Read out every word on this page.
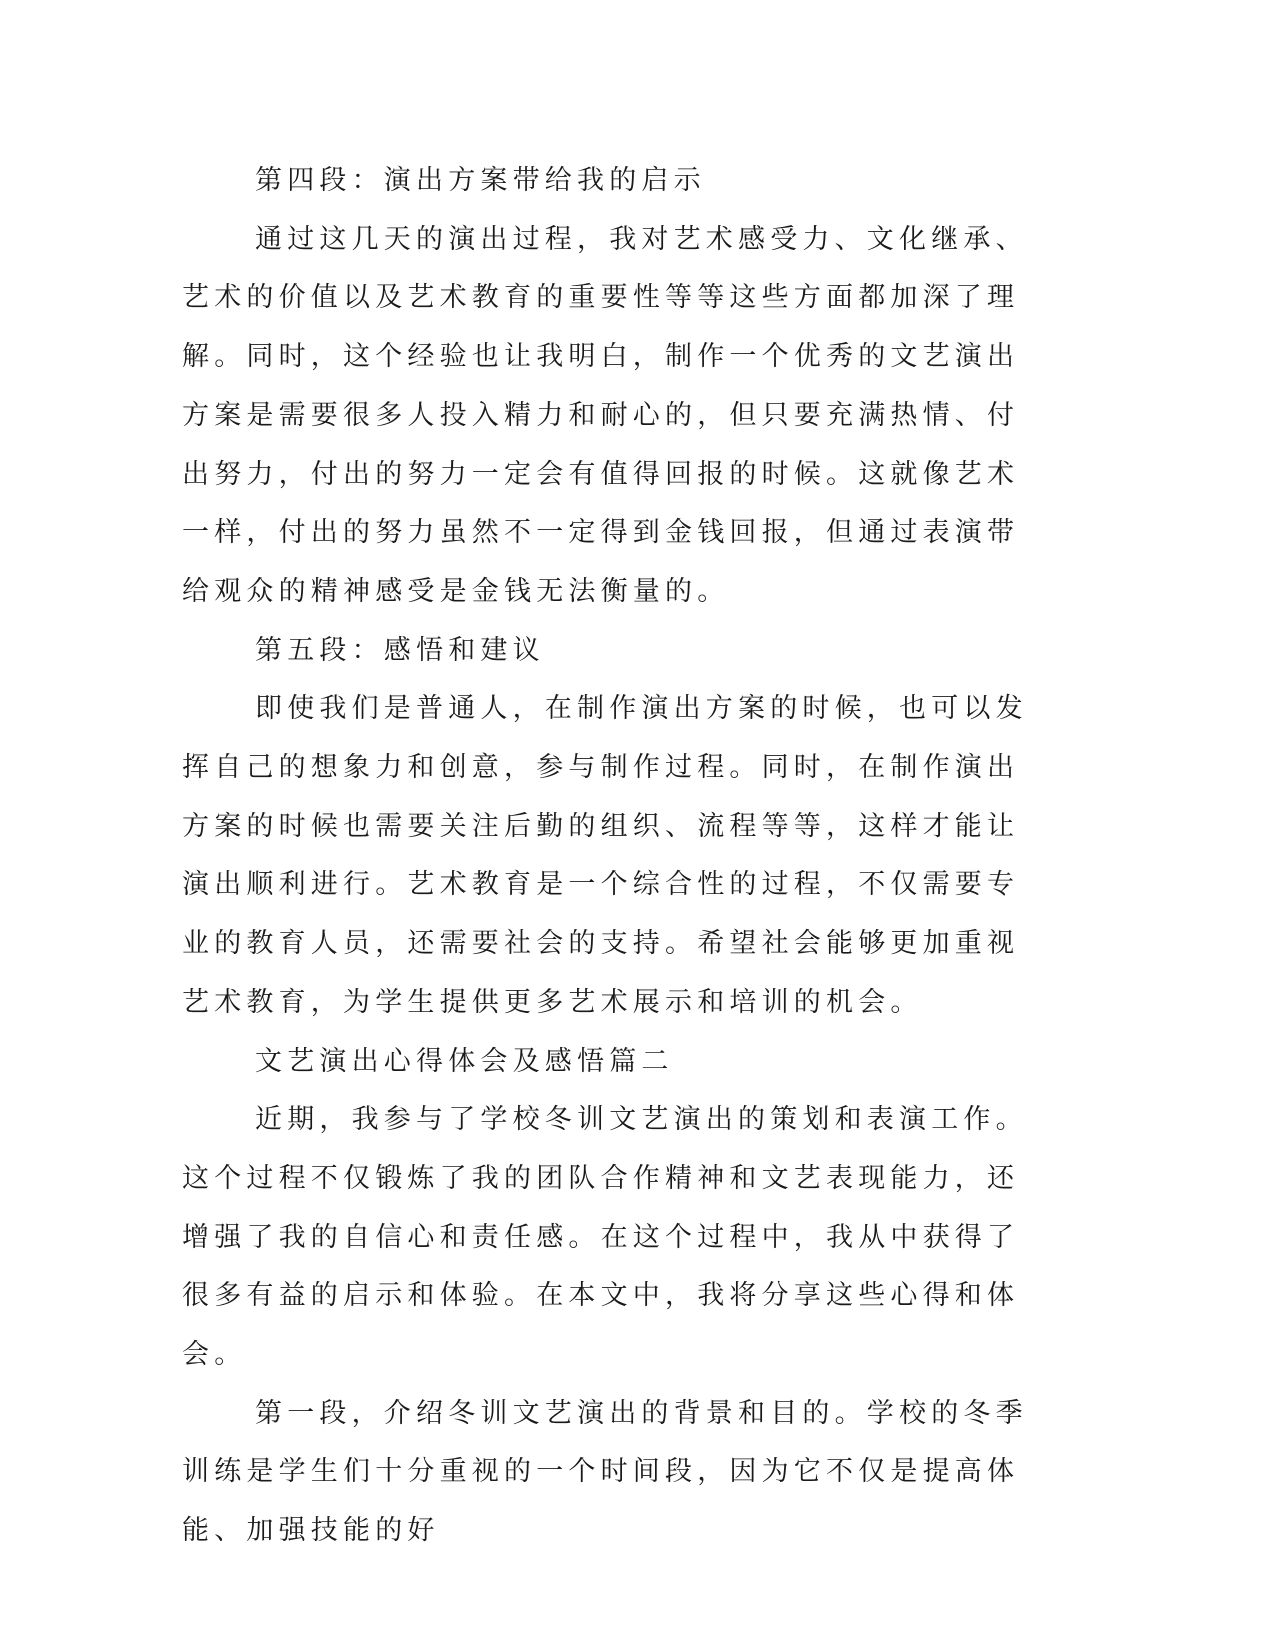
第四段：演出方案带给我的启示

通过这几天的演出过程，我对艺术感受力、文化继承、艺术的价值以及艺术教育的重要性等等这些方面都加深了理解。同时，这个经验也让我明白，制作一个优秀的文艺演出方案是需要很多人投入精力和耐心的，但只要充满热情、付出努力，付出的努力一定会有值得回报的时候。这就像艺术一样，付出的努力虽然不一定得到金钱回报，但通过表演带给观众的精神感受是金钱无法衡量的。

第五段：感悟和建议

即使我们是普通人，在制作演出方案的时候，也可以发挥自己的想象力和创意，参与制作过程。同时，在制作演出方案的时候也需要关注后勤的组织、流程等等，这样才能让演出顺利进行。艺术教育是一个综合性的过程，不仅需要专业的教育人员，还需要社会的支持。希望社会能够更加重视艺术教育，为学生提供更多艺术展示和培训的机会。

文艺演出心得体会及感悟篇二

近期，我参与了学校冬训文艺演出的策划和表演工作。这个过程不仅锻炼了我的团队合作精神和文艺表现能力，还增强了我的自信心和责任感。在这个过程中，我从中获得了很多有益的启示和体验。在本文中，我将分享这些心得和体会。

第一段，介绍冬训文艺演出的背景和目的。学校的冬季训练是学生们十分重视的一个时间段，因为它不仅是提高体能、加强技能的好
